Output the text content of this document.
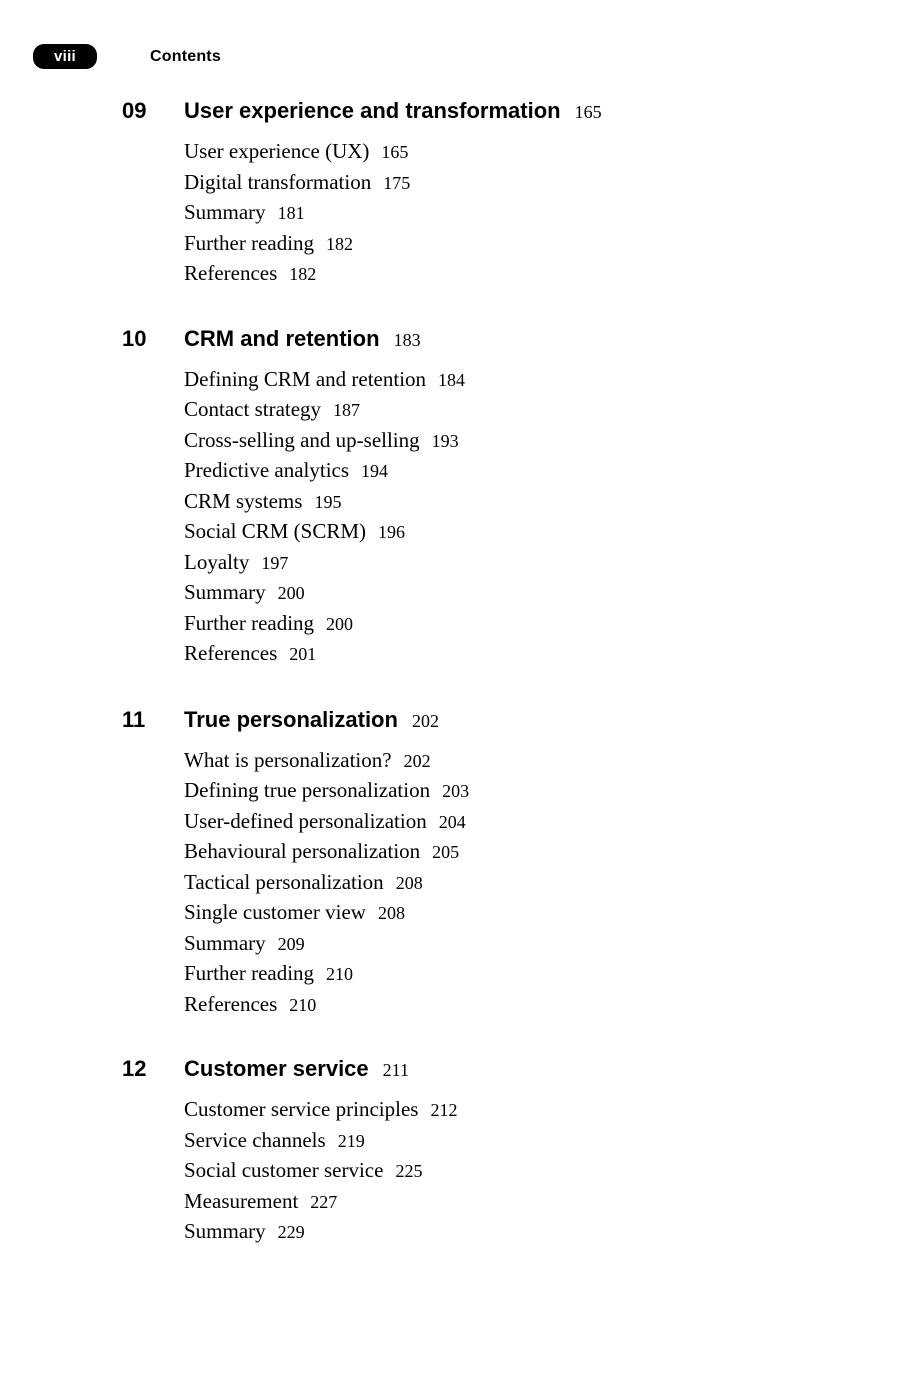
viii	Contents
09	User experience and transformation 165
User experience (UX) 165
Digital transformation 175
Summary 181
Further reading 182
References 182
10	CRM and retention 183
Defining CRM and retention 184
Contact strategy 187
Cross-selling and up-selling 193
Predictive analytics 194
CRM systems 195
Social CRM (SCRM) 196
Loyalty 197
Summary 200
Further reading 200
References 201
11	True personalization 202
What is personalization? 202
Defining true personalization 203
User-defined personalization 204
Behavioural personalization 205
Tactical personalization 208
Single customer view 208
Summary 209
Further reading 210
References 210
12	Customer service 211
Customer service principles 212
Service channels 219
Social customer service 225
Measurement 227
Summary 229
